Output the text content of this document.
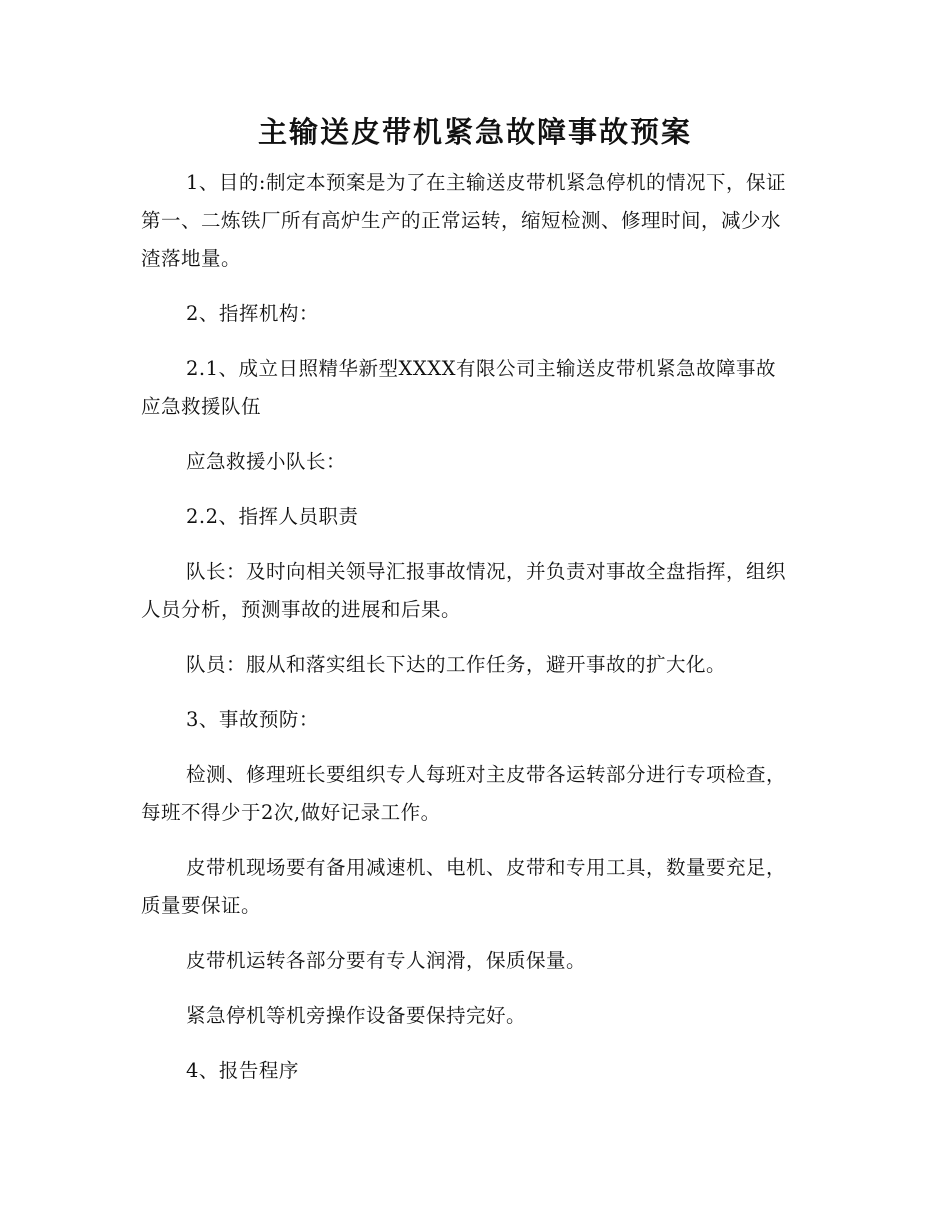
主输送皮带机紧急故障事故预案

1、目的:制定本预案是为了在主输送皮带机紧急停机的情况下，保证第一、二炼铁厂所有高炉生产的正常运转，缩短检测、修理时间，减少水渣落地量。

2、指挥机构：

2.1、成立日照精华新型XXXX有限公司主输送皮带机紧急故障事故应急救援队伍

应急救援小队长：

2.2、指挥人员职责

队长：及时向相关领导汇报事故情况，并负责对事故全盘指挥，组织人员分析，预测事故的进展和后果。

队员：服从和落实组长下达的工作任务，避开事故的扩大化。

3、事故预防：

检测、修理班长要组织专人每班对主皮带各运转部分进行专项检查，每班不得少于2次,做好记录工作。

皮带机现场要有备用减速机、电机、皮带和专用工具，数量要充足，质量要保证。

皮带机运转各部分要有专人润滑，保质保量。

紧急停机等机旁操作设备要保持完好。

4、报告程序
